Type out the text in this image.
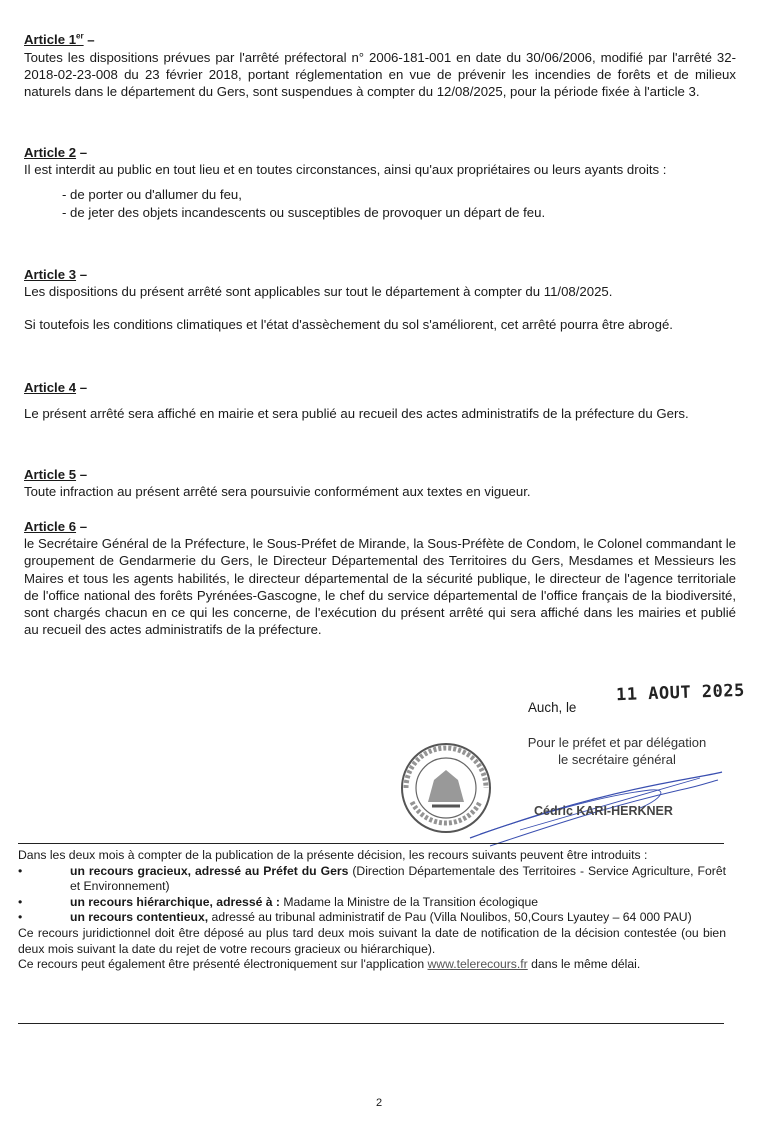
Article 1er –

Toutes les dispositions prévues par l'arrêté préfectoral n° 2006-181-001 en date du 30/06/2006, modifié par l'arrêté 32-2018-02-23-008 du 23 février 2018, portant réglementation en vue de prévenir les incendies de forêts et de milieux naturels dans le département du Gers, sont suspendues à compter du 12/08/2025, pour la période fixée à l'article 3.

Article 2 –

Il est interdit au public en tout lieu et en toutes circonstances, ainsi qu'aux propriétaires ou leurs ayants droits :

- de porter ou d'allumer du feu,
- de jeter des objets incandescents ou susceptibles de provoquer un départ de feu.
Article 3 –

Les dispositions du présent arrêté sont applicables sur tout le département à compter du 11/08/2025.

Si toutefois les conditions climatiques et l'état d'assèchement du sol s'améliorent, cet arrêté pourra être abrogé.

Article 4 –

Le présent arrêté sera affiché en mairie et sera publié au recueil des actes administratifs de la préfecture du Gers.

Article 5 –

Toute infraction au présent arrêté sera poursuivie conformément aux textes en vigueur.

Article 6 –

le Secrétaire Général de la Préfecture, le Sous-Préfet de Mirande, la Sous-Préfète de Condom, le Colonel commandant le groupement de Gendarmerie du Gers, le Directeur Départemental des Territoires du Gers, Mesdames et Messieurs les Maires et tous les agents habilités, le directeur départemental de la sécurité publique, le directeur de l'agence territoriale de l'office national des forêts Pyrénées-Gascogne, le chef du service départemental de l'office français de la biodiversité, sont chargés chacun en ce qui les concerne, de l'exécution du présent arrêté qui sera affiché dans les mairies et publié au recueil des actes administratifs de la préfecture.

Auch, le
11 AOUT 2025
Pour le préfet et par délégation
le secrétaire général
Cédric KARI-HERKNER
Dans les deux mois à compter de la publication de la présente décision, les recours suivants peuvent être introduits :
•	un recours gracieux, adressé au Préfet du Gers (Direction Départementale des Territoires - Service Agriculture, Forêt et Environnement)
•	un recours hiérarchique, adressé à : Madame la Ministre de la Transition écologique
•	un recours contentieux, adressé au tribunal administratif de Pau (Villa Noulibos, 50,Cours Lyautey – 64 000 PAU)
Ce recours juridictionnel doit être déposé au plus tard deux mois suivant la date de notification de la décision contestée (ou bien deux mois suivant la date du rejet de votre recours gracieux ou hiérarchique).
Ce recours peut également être présenté électroniquement sur l'application www.telerecours.fr dans le même délai.
2
